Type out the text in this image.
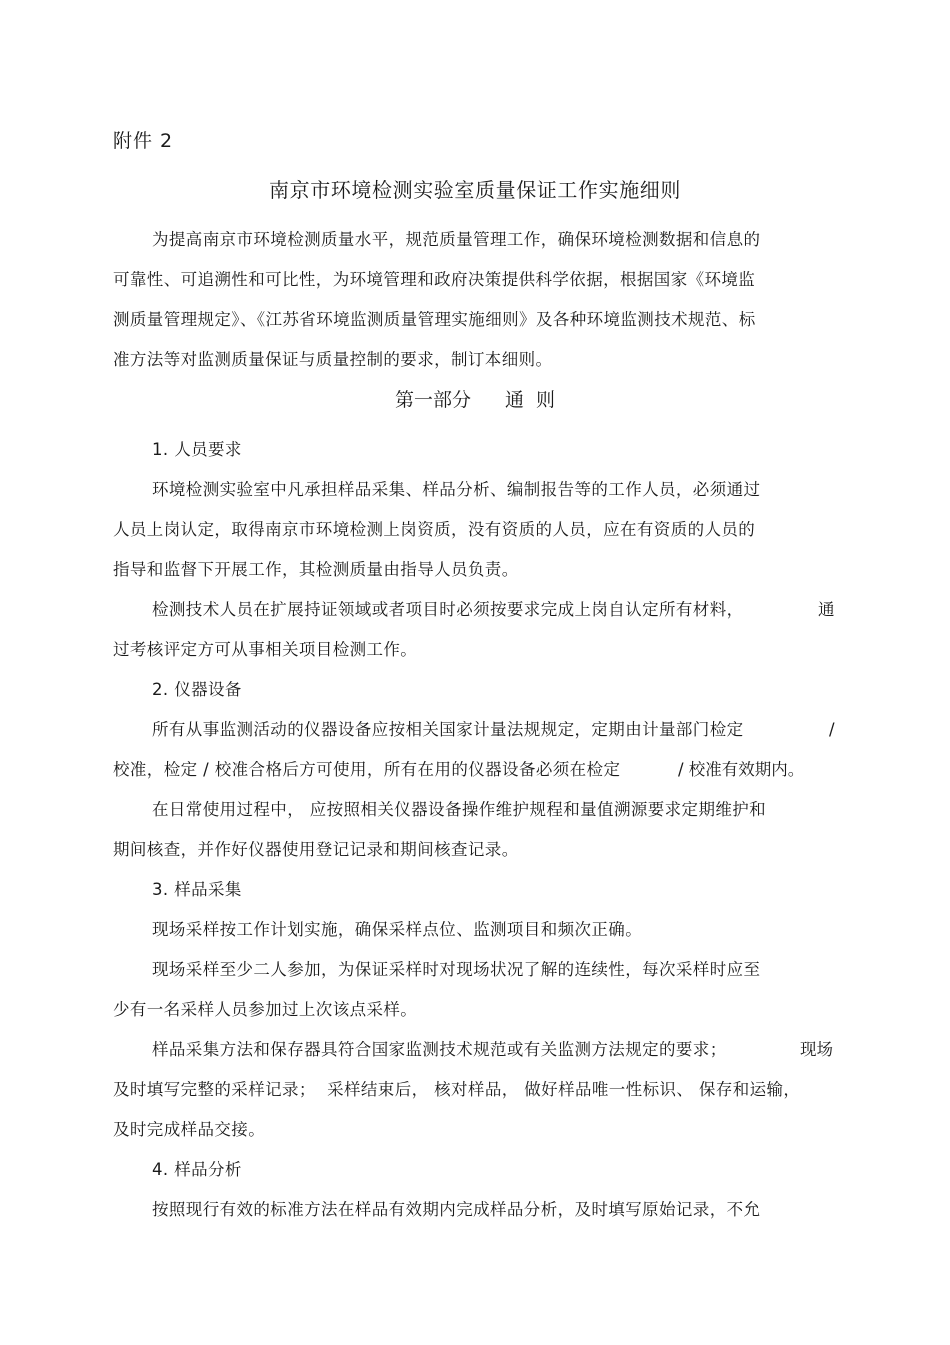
附件 2
南京市环境检测实验室质量保证工作实施细则
为提高南京市环境检测质量水平，规范质量管理工作，确保环境检测数据和信息的
可靠性、可追溯性和可比性，为环境管理和政府决策提供科学依据，根据国家《环境监
测质量管理规定》、《江苏省环境监测质量管理实施细则》及各种环境监测技术规范、标
准方法等对监测质量保证与质量控制的要求，制订本细则。
第一部分 通  则
1. 人员要求
环境检测实验室中凡承担样品采集、样品分析、编制报告等的工作人员，必须通过
人员上岗认定，取得南京市环境检测上岗资质，没有资质的人员，应在有资质的人员的
指导和监督下开展工作，其检测质量由指导人员负责。
检测技术人员在扩展持证领域或者项目时必须按要求完成上岗自认定所有材料，	通
过考核评定方可从事相关项目检测工作。
2. 仪器设备
所有从事监测活动的仪器设备应按相关国家计量法规规定，定期由计量部门检定	/
校准，检定 / 校准合格后方可使用，所有在用的仪器设备必须在检定	/ 校准有效期内。
在日常使用过程中， 应按照相关仪器设备操作维护规程和量值溯源要求定期维护和
期间核查，并作好仪器使用登记记录和期间核查记录。
3. 样品采集
现场采样按工作计划实施，确保采样点位、监测项目和频次正确。
现场采样至少二人参加，为保证采样时对现场状况了解的连续性，每次采样时应至
少有一名采样人员参加过上次该点采样。
样品采集方法和保存器具符合国家监测技术规范或有关监测方法规定的要求；	现场
及时填写完整的采样记录；  采样结束后， 核对样品， 做好样品唯一性标识、 保存和运输，
及时完成样品交接。
4. 样品分析
按照现行有效的标准方法在样品有效期内完成样品分析，及时填写原始记录，不允
